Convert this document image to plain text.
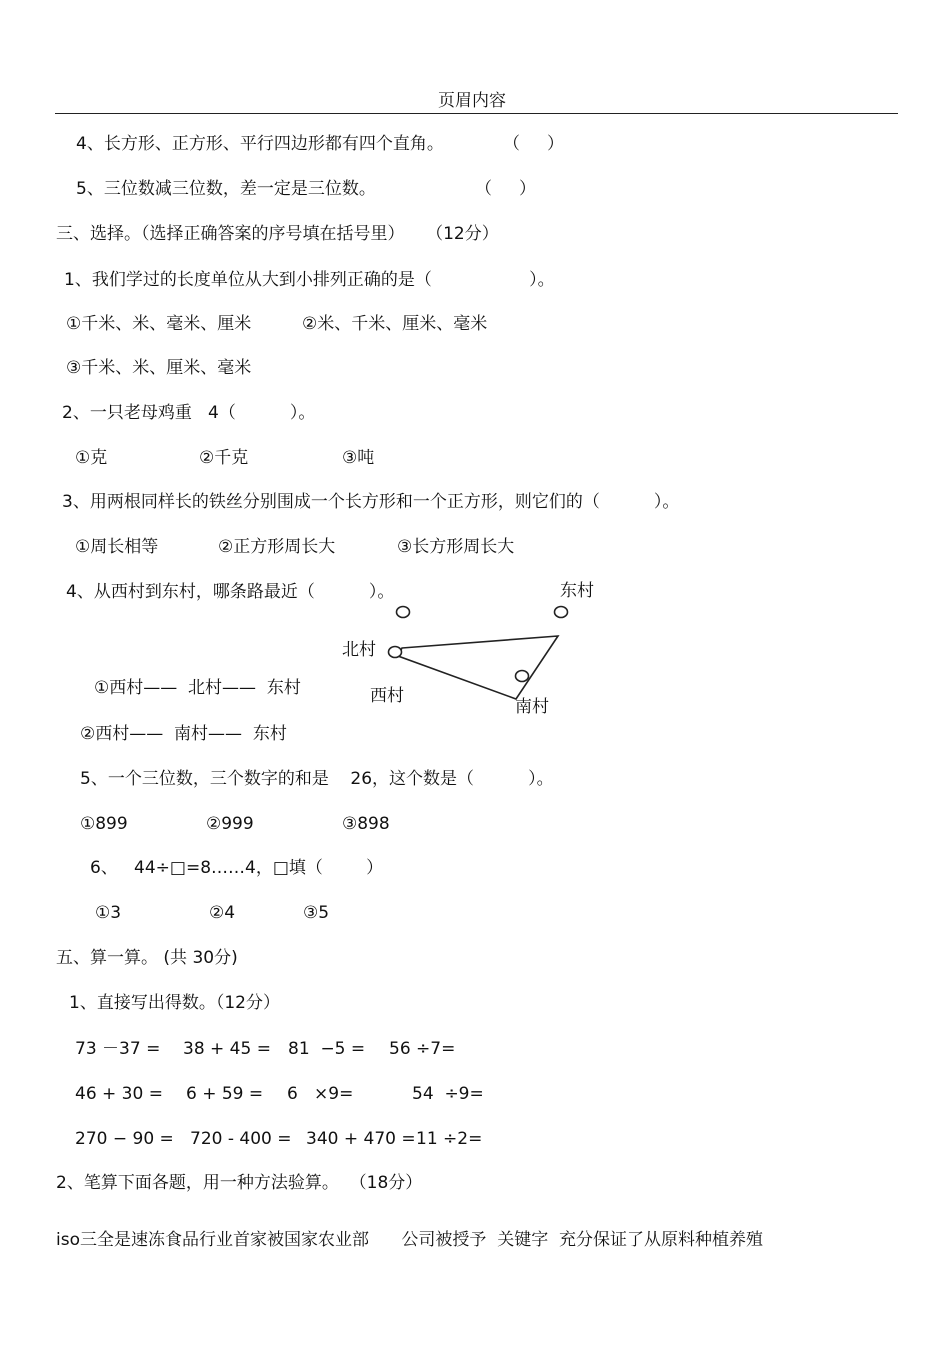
页眉内容
4、长方形、正方形、平行四边形都有四个直角。	（     ）
5、三位数减三位数，差一定是三位数。	（     ）
三、选择。（选择正确答案的序号填在括号里）    （12分）
1、我们学过的长度单位从大到小排列正确的是（                  ）。
①千米、米、毫米、厘米	②米、千米、厘米、毫米
③千米、米、厘米、毫米
2、一只老母鸡重   4（          ）。
①克	②千克	③吨
3、用两根同样长的铁丝分别围成一个长方形和一个正方形，则它们的（          ）。
①周长相等	②正方形周长大	③长方形周长大
4、从西村到东村，哪条路最近（          ）。	东村
北村
西村
南村
①西村——  北村——  东村
②西村——  南村——  东村
5、一个三位数，三个数字的和是    26，这个数是（          ）。
①899	②999	③898
6、   44÷□=8……4，□填（        ）
①3	②4	③5
五、算一算。 (共 30分)
1、直接写出得数。（12分）
73 －37 = 38 + 45 = 81  −5 = 56 ÷7=
46 + 30 = 6 + 59 = 6   ×9=	54  ÷9=
270 − 90 = 720 - 400 = 340 + 470 = 11 ÷2=
2、笔算下面各题，用一种方法验算。  （18分）
iso三全是速冻食品行业首家被国家农业部      公司被授予  关键字  充分保证了从原料种植养殖
